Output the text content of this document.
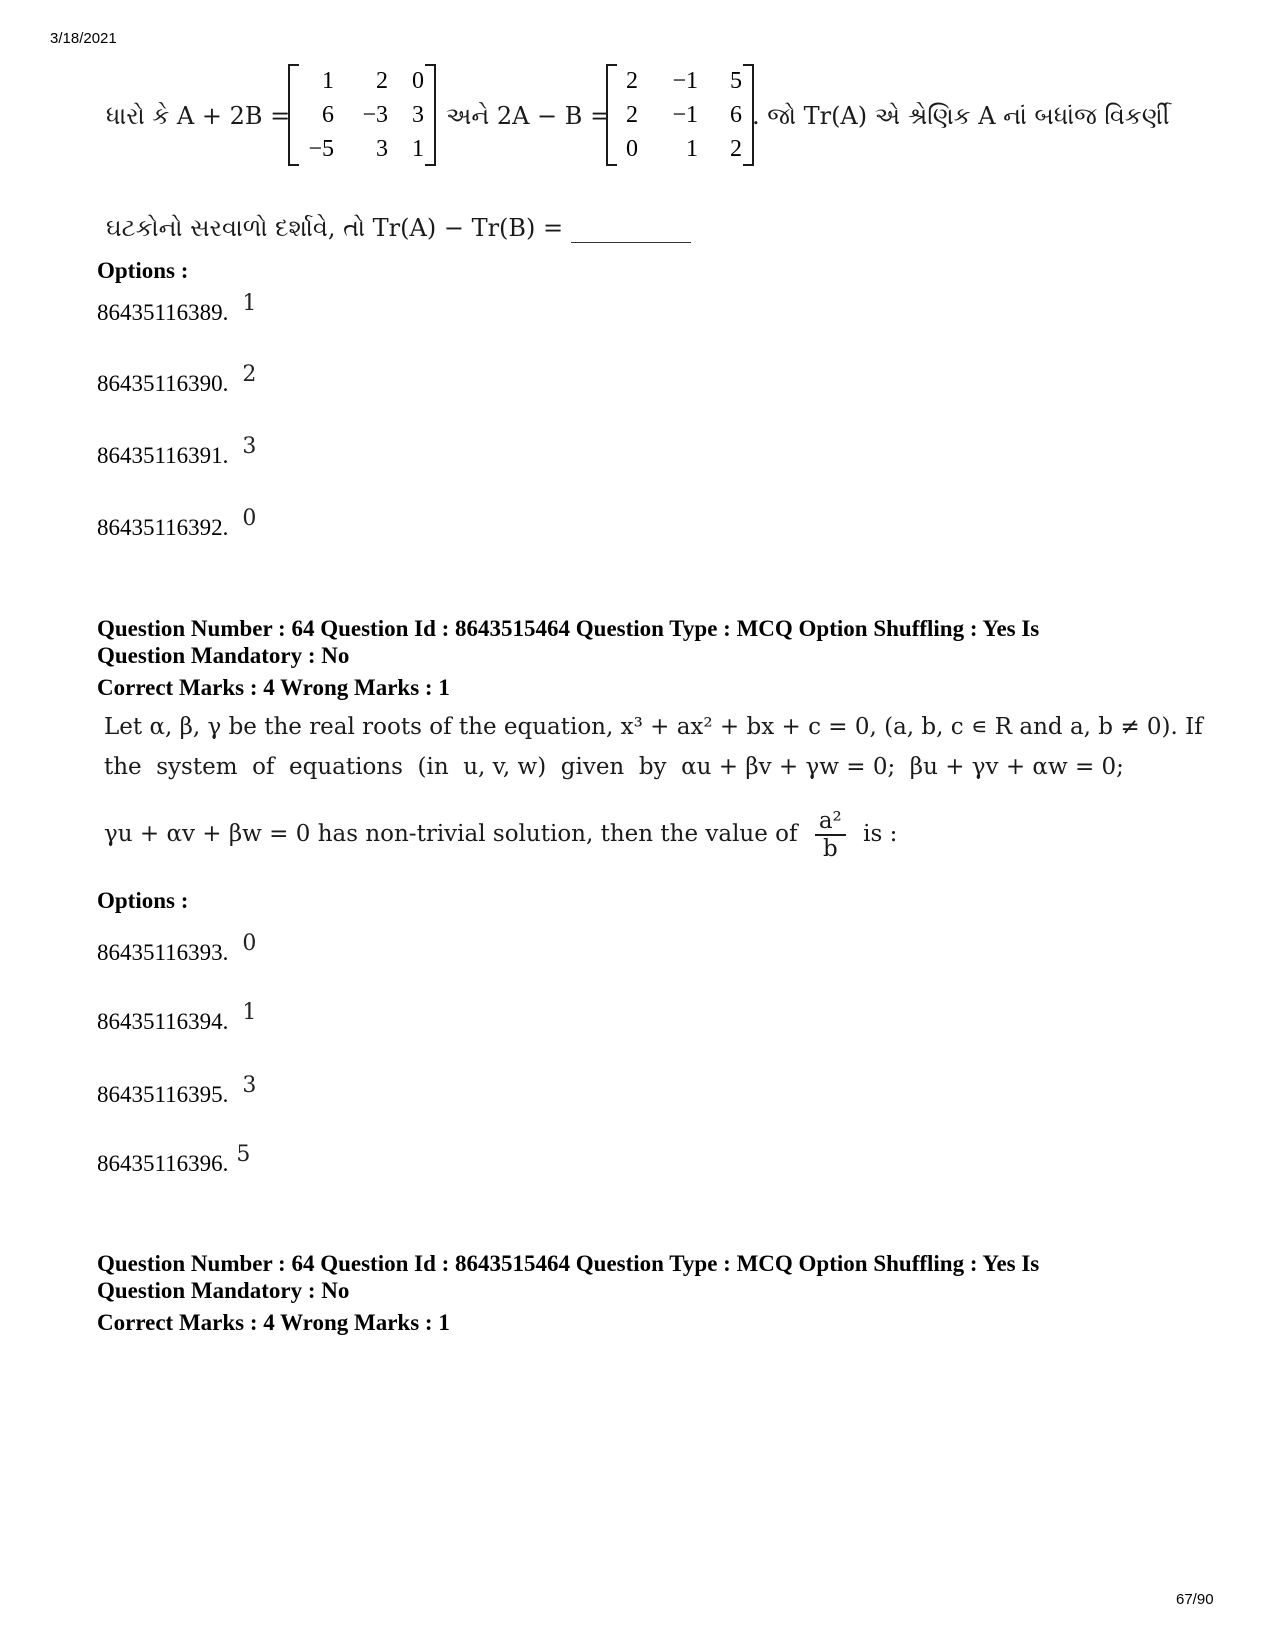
3/18/2021
ધારો કે A + 2B =
1	2	0
6	−3	3
−5	3	1
અને 2A − B =
2	−1	5
2	−1	6
0	1	2
. જો Tr(A) એ શ્રેણિક A નાં બધાંજ વિકર્ણી
ઘટકોનો સરવાળો દર્શાવે, તો Tr(A) − Tr(B) =
Options :
86435116389. 1
86435116390. 2
86435116391. 3
86435116392. 0
Question Number : 64 Question Id : 8643515464 Question Type : MCQ Option Shuffling : Yes Is
Question Mandatory : No
Correct Marks : 4 Wrong Marks : 1
Let α, β, γ be the real roots of the equation, x³ + ax² + bx + c = 0, (a, b, c ∊ R and a, b ≠ 0). If
the system of equations (in u, v, w) given by αu + βv + γw = 0; βu + γv + αw = 0;
γu + αv + βw = 0 has non-trivial solution, then the value of $\frac{\text{a²}}{b}$ is :
Options :
86435116393. 0
86435116394. 1
86435116395. 3
86435116396. 5
Question Number : 64 Question Id : 8643515464 Question Type : MCQ Option Shuffling : Yes Is
Question Mandatory : No
Correct Marks : 4 Wrong Marks : 1
67/90
